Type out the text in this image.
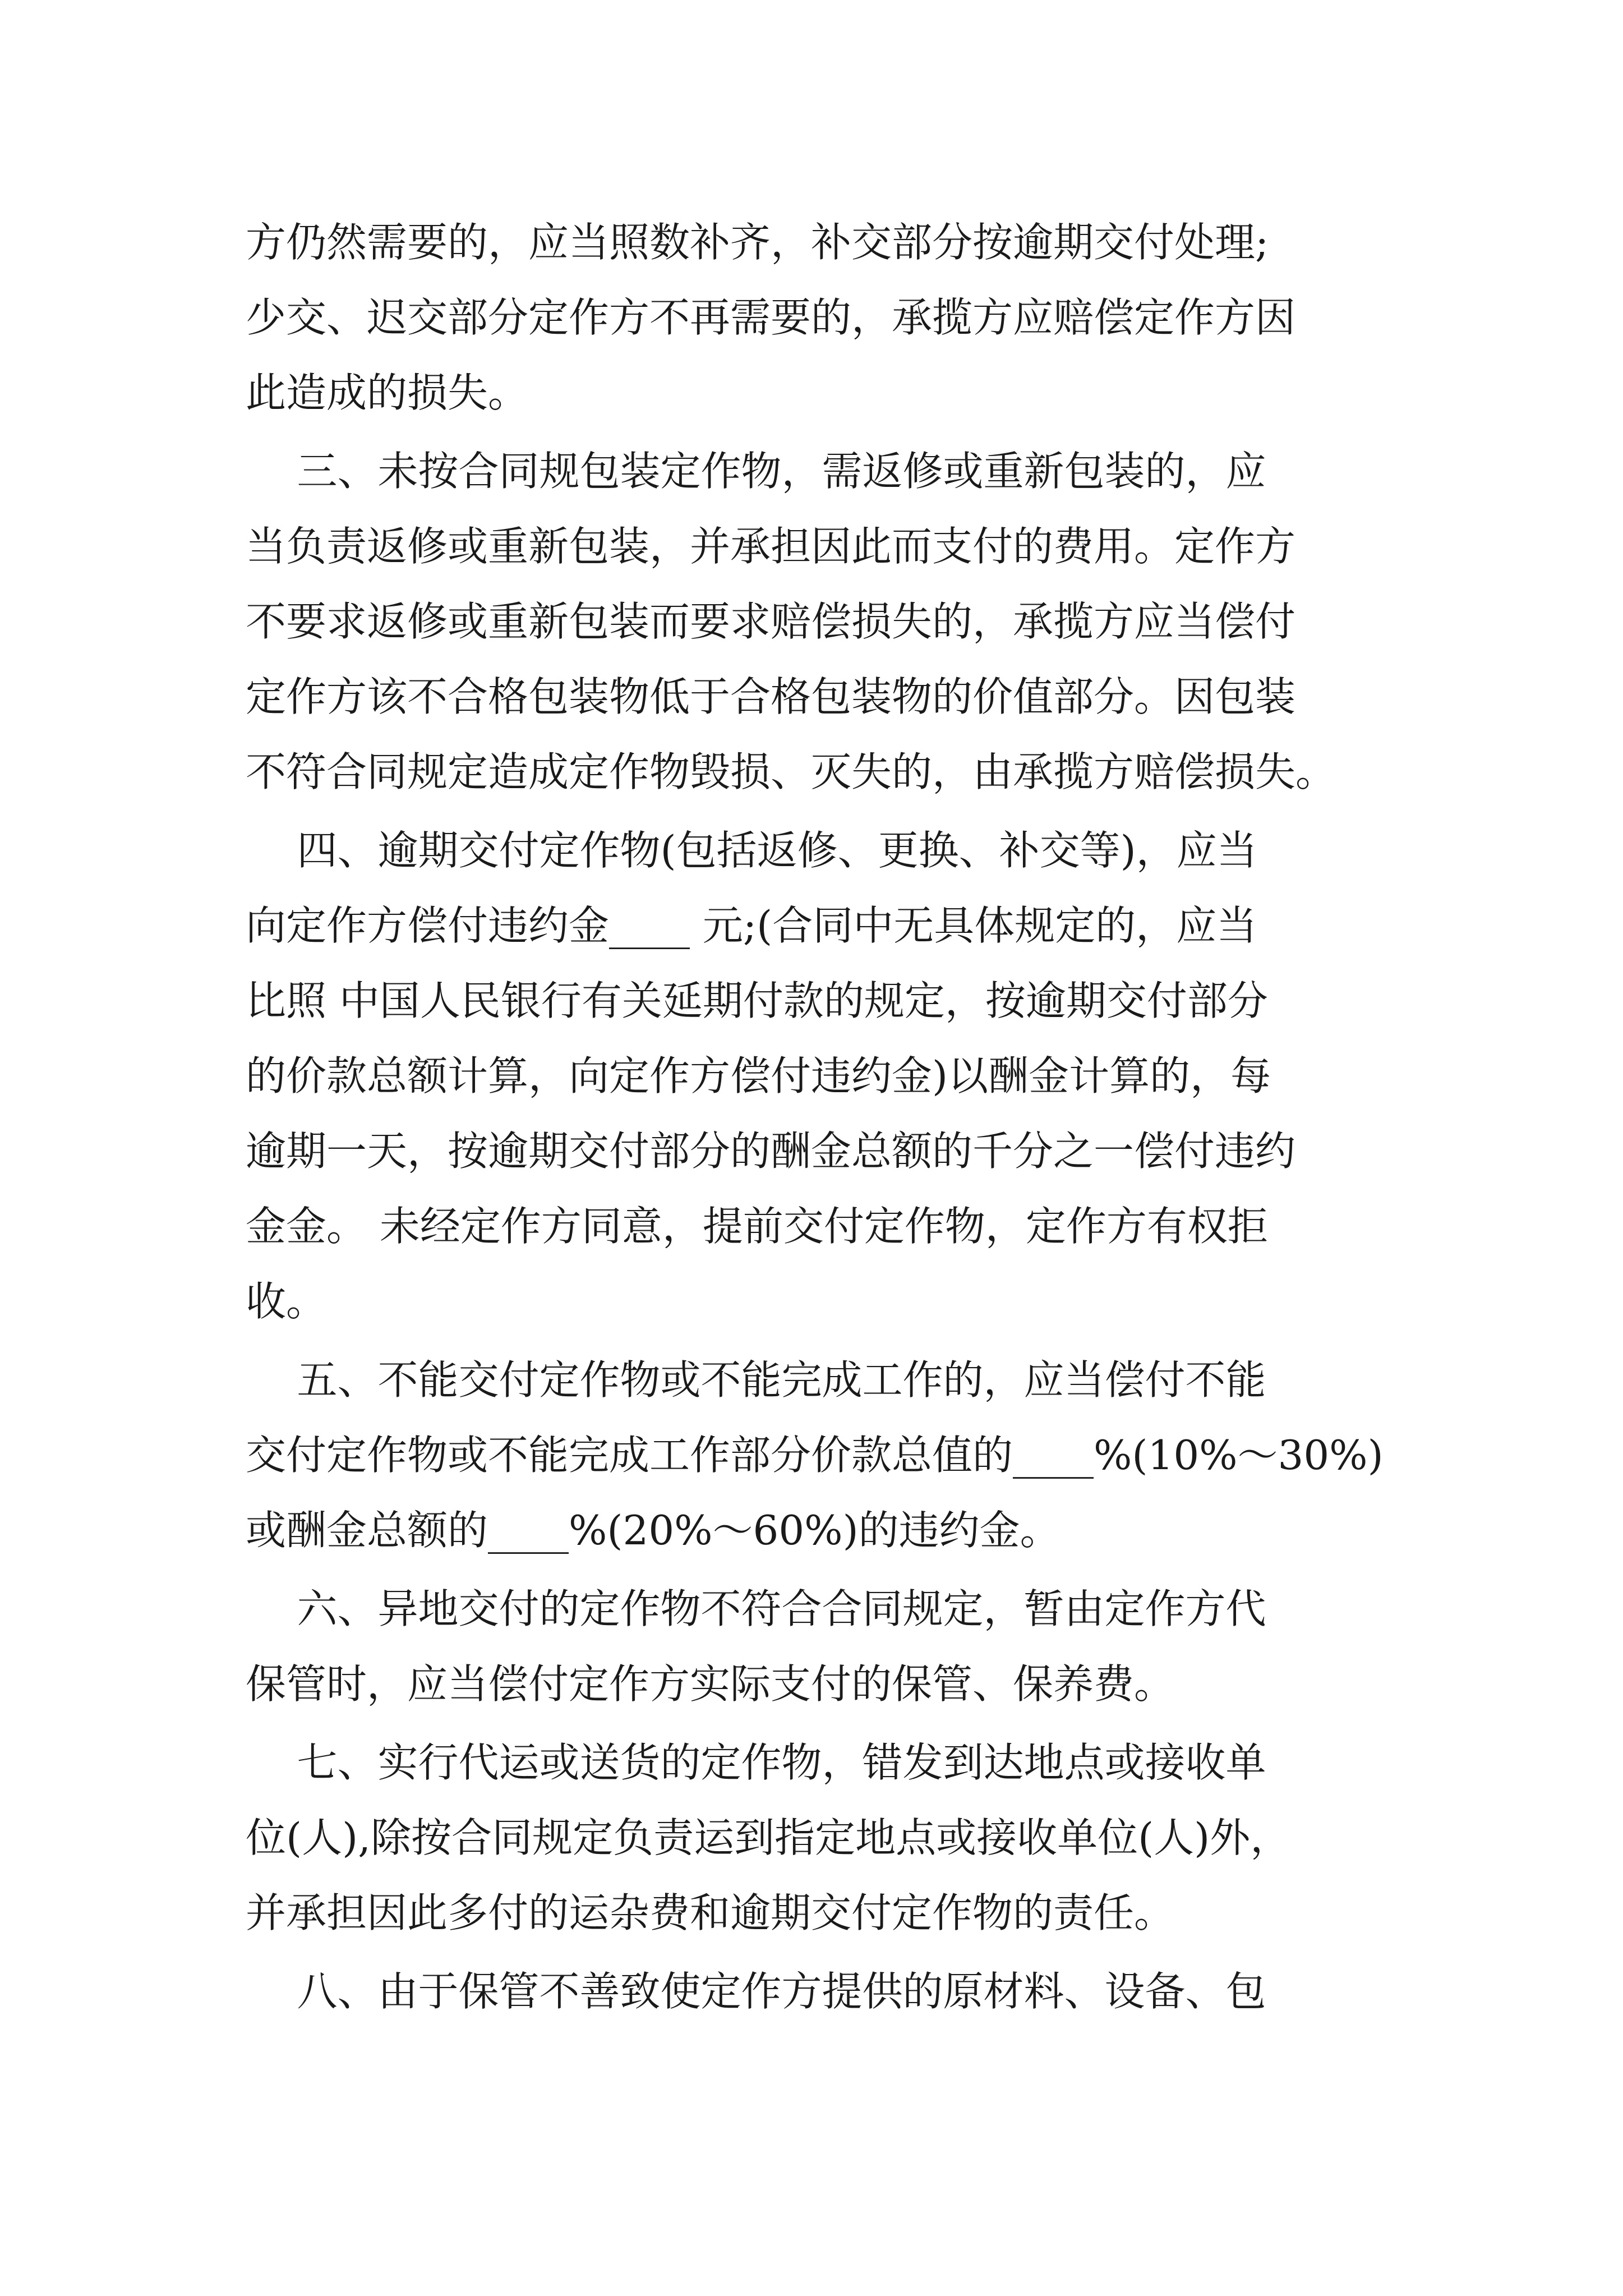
方仍然需要的，应当照数补齐，补交部分按逾期交付处理;
少交、迟交部分定作方不再需要的，承揽方应赔偿定作方因
此造成的损失。
三、未按合同规包装定作物，需返修或重新包装的，应
当负责返修或重新包装，并承担因此而支付的费用。定作方
不要求返修或重新包装而要求赔偿损失的，承揽方应当偿付
定作方该不合格包装物低于合格包装物的价值部分。因包装
不符合同规定造成定作物毁损、灭失的，由承揽方赔偿损失。
四、逾期交付定作物(包括返修、更换、补交等)，应当
向定作方偿付违约金____ 元;(合同中无具体规定的，应当
比照 中国人民银行有关延期付款的规定，按逾期交付部分
的价款总额计算，向定作方偿付违约金)以酬金计算的，每
逾期一天，按逾期交付部分的酬金总额的千分之一偿付违约
金金。 未经定作方同意，提前交付定作物，定作方有权拒
收。
五、不能交付定作物或不能完成工作的，应当偿付不能
交付定作物或不能完成工作部分价款总值的____%(10%～30%)
或酬金总额的____%(20%～60%)的违约金。
六、异地交付的定作物不符合合同规定，暂由定作方代
保管时，应当偿付定作方实际支付的保管、保养费。
七、实行代运或送货的定作物，错发到达地点或接收单
位(人),除按合同规定负责运到指定地点或接收单位(人)外，
并承担因此多付的运杂费和逾期交付定作物的责任。
八、由于保管不善致使定作方提供的原材料、设备、包
